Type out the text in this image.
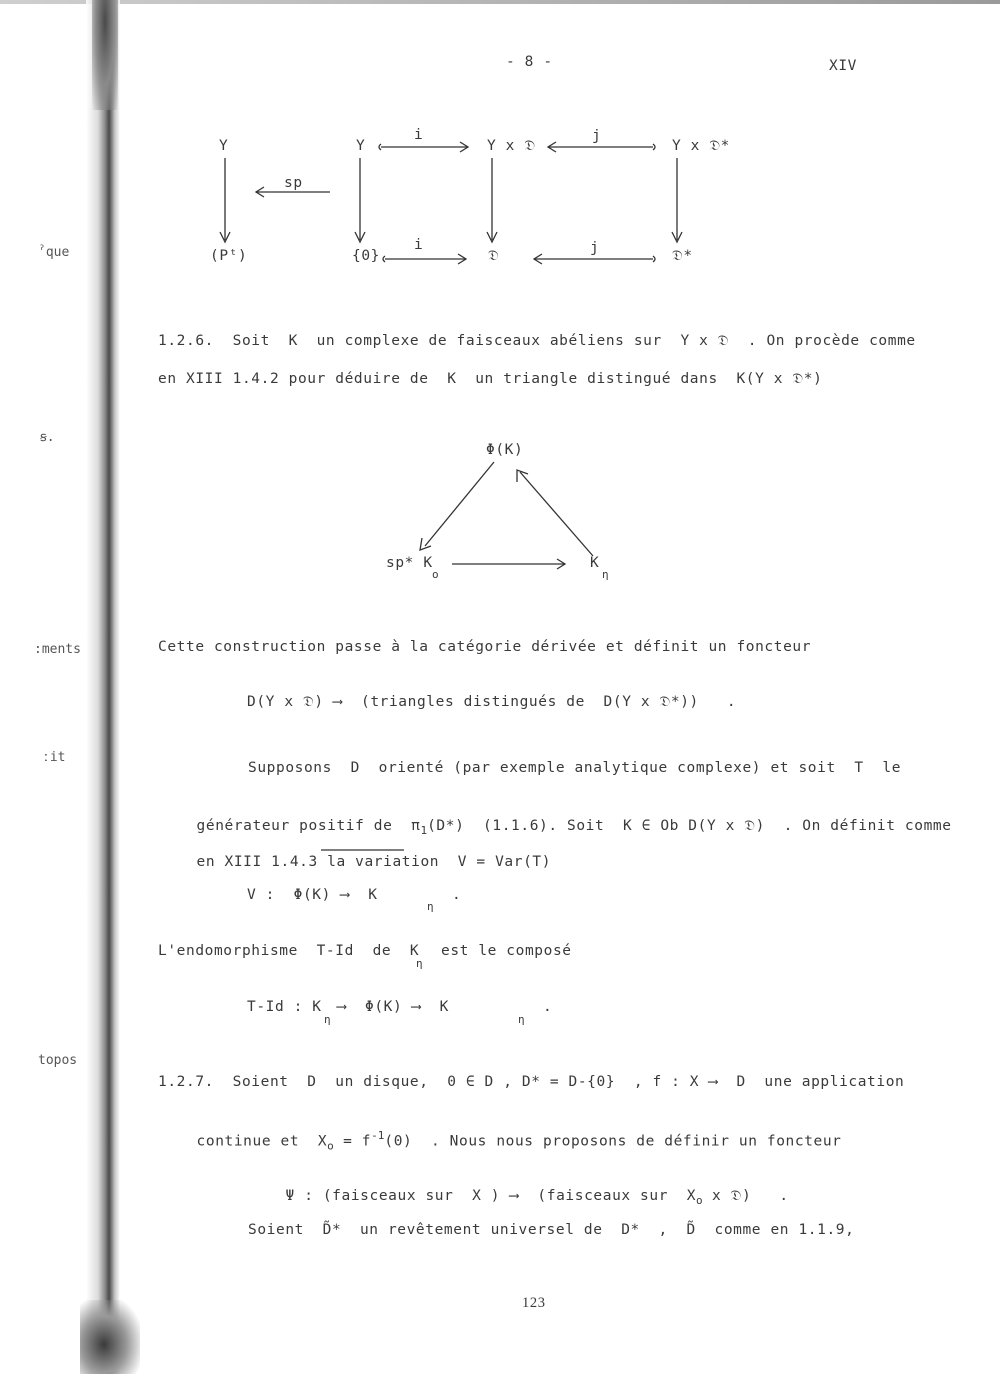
ˀque
ꞩ.
:ments
ːit
topos
- 8 -	XIV
Y
(Pᵗ)
sp
Y
i
Y x 𝔇
j
Y x 𝔇*
{0}
i
𝔇	j	𝔇*
1.2.6.  Soit  K  un complexe de faisceaux abéliens sur  Y x 𝔇  . On procède comme
en XIII 1.4.2 pour déduire de  K  un triangle distingué dans  K(Y x 𝔇*)
Φ(K)
sp* K
o
K
η
Cette construction passe à la catégorie dérivée et définit un foncteur
D(Y x 𝔇) ⟶  (triangles distingués de  D(Y x 𝔇*))   .
Supposons  D  orienté (par exemple analytique complexe) et soit  T  le

générateur positif de  $\pi_1(D*)$  (1.1.6). Soit  K ∈ Ob D(Y x 𝔇)  . On définit comme

en XIII 1.4.3 la variation  V = Var(T)

V :  Φ(K) ⟶  K
η
.
L'endomorphisme  T-Id  de  K
η
est le composé
T-Id : K
η
⟶  Φ(K) ⟶  K
η
.
1.2.7.  Soient  D  un disque,  0 ∈ D , D* = D-{0}  , f : X ⟶  D  une application

continue et  $X_o = f^{-1}(0)$  . Nous nous proposons de définir un foncteur

Ψ : (faisceaux sur  X ) ⟶  (faisceaux sur  $X_o$ x 𝔇)   .

Soient  D̃*  un revêtement universel de  D*  ,  D̃  comme en 1.1.9,
123
